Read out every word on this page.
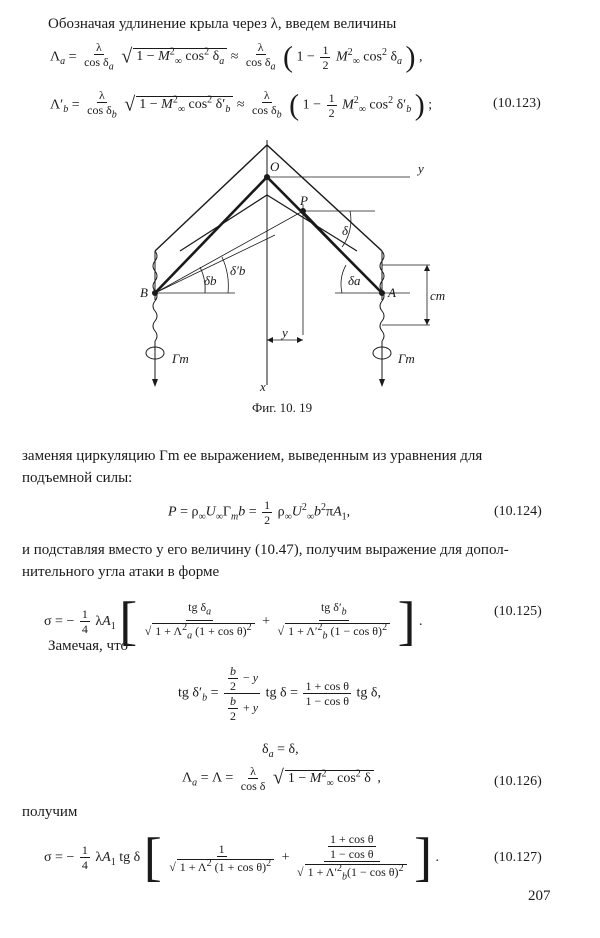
Обозначая удлинение крыла через λ, введем величины
$\Lambda_a = \frac{\lambda}{\cos \delta_a}$ √ $1 - M^2_\infty$ $\cos^2 \delta_a \approx \frac{\lambda}{\cos \delta_a}$ ( $1 - \frac{1}{2} M^2_\infty$ $\cos^2 \delta_a$ ) ,
$\Lambda'_b = \frac{\lambda}{\cos \delta_b}$ √ $1 - M^2_\infty$ $\cos^2 \delta'_b \approx \frac{\lambda}{\cos \delta_b}$ ( $1 - \frac{1}{2} M^2_\infty$ $\cos^2 \delta'_b$ ) ;	(10.123)
O
P
B	A
y
x
y
Γm	Γm
δ
δb
δ′b
δa
cm
Фиг. 10. 19
заменяя циркуляцию Γm ее выражением, выведенным из уравнения для
подъемной силы:
$P = \rho_\infty U_\infty\Gamma_mb = \frac{1}{2} \rho_\infty U^2_\infty b^2\pi A_1$,	(10.124)
и подставляя вместо y его величину (10.47), получим выражение для допол-
нительного угла атаки в форме
σ = − $\frac{1}{4} \lambda A_1$ [ $\frac{tg \delta_a}{√ 1 + \Lambda^2_a (1 + \cos \theta)^2} + \frac{tg \delta'_b}{√ 1 + \Lambda'^2_b (1 - \cos \theta)^2}$ ] .
(10.125)
Замечая, что
tg $\delta'_b = \frac{\frac{b}{2} - y}{\frac{b}{2} + y}$ tg $\delta = \frac{\text{1 + cos θ}}{\text{1 − cos θ}}$ tg δ,
$\delta_a = \delta$,
$\Lambda_a = \Lambda = \frac{\lambda}{\text{cos δ}}$ √ $1 - M^2_\infty$ $\cos^2 \delta$ ,	(10.126)
получим
σ = − $\frac{1}{4} \lambda A_1$ tg δ [ $\frac{1}{√ 1 + \Lambda^2 (1 + \cos \theta)^2} + \frac{\frac{\text{1 + cos θ}}{\text{1 − cos θ}}}{√ 1 + \Lambda'^2_b(1 - \cos \theta)^2}$ ] .	(10.127)
207
